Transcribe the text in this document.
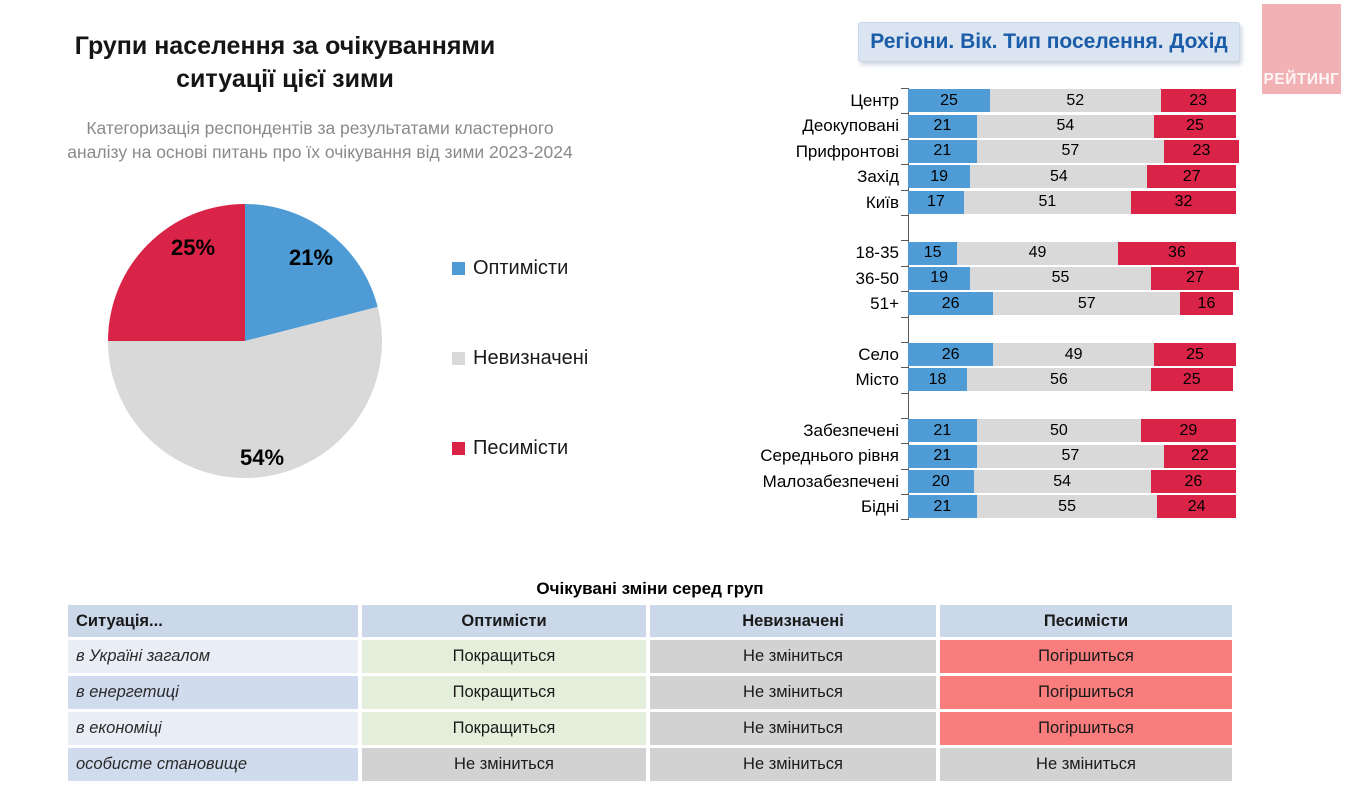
Групи населення за очікуваннями
ситуації цієї зими
Категоризація респондентів за результатами кластерного
аналізу на основі питань про їх очікування від зими 2023-2024
21%
54%
25%
Оптимісти
Невизначені
Песимісти
Регіони. Вік. Тип поселення. Дохід
РЕЙТИНГ
Центр	25	52	23
Деокуповані	21	54	25
Прифронтові	21	57	23
Захід	19	54	27
Київ	17	51	32
18-35	15	49	36
36-50	19	55	27
51+	26	57	16
Село	26	49	25
Місто	18	56	25
Забезпечені	21	50	29
Середнього рівня	21	57	22
Малозабезпечені	20	54	26
Бідні	21	55	24
Очікувані зміни серед груп
Ситуація...	Оптимісти	Невизначені	Песимісти
в Україні загалом	Покращиться	Не зміниться	Погіршиться
в енергетиці	Покращиться	Не зміниться	Погіршиться
в економіці	Покращиться	Не зміниться	Погіршиться
особисте становище	Не зміниться	Не зміниться	Не зміниться
